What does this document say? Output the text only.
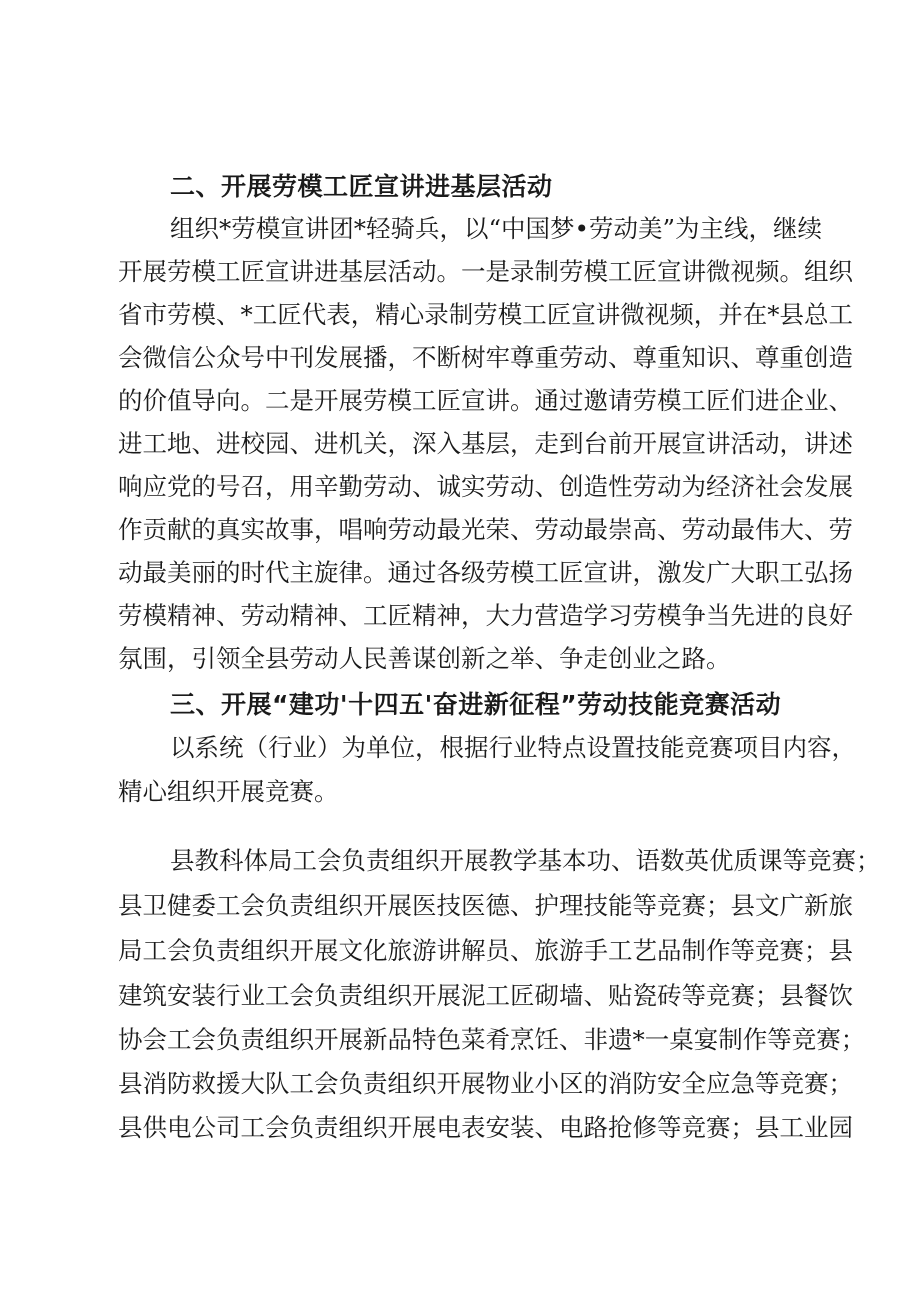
二、开展劳模工匠宣讲进基层活动
组织*劳模宣讲团*轻骑兵，以“中国梦•劳动美”为主线，继续
开展劳模工匠宣讲进基层活动。一是录制劳模工匠宣讲微视频。组织
省市劳模、*工匠代表，精心录制劳模工匠宣讲微视频，并在*县总工
会微信公众号中刊发展播，不断树牢尊重劳动、尊重知识、尊重创造
的价值导向。二是开展劳模工匠宣讲。通过邀请劳模工匠们进企业、
进工地、进校园、进机关，深入基层，走到台前开展宣讲活动，讲述
响应党的号召，用辛勤劳动、诚实劳动、创造性劳动为经济社会发展
作贡献的真实故事，唱响劳动最光荣、劳动最崇高、劳动最伟大、劳
动最美丽的时代主旋律。通过各级劳模工匠宣讲，激发广大职工弘扬
劳模精神、劳动精神、工匠精神，大力营造学习劳模争当先进的良好
氛围，引领全县劳动人民善谋创新之举、争走创业之路。
三、开展“建功'十四五'奋进新征程”劳动技能竞赛活动
以系统（行业）为单位，根据行业特点设置技能竞赛项目内容，
精心组织开展竞赛。
县教科体局工会负责组织开展教学基本功、语数英优质课等竞赛；
县卫健委工会负责组织开展医技医德、护理技能等竞赛；县文广新旅
局工会负责组织开展文化旅游讲解员、旅游手工艺品制作等竞赛；县
建筑安装行业工会负责组织开展泥工匠砌墙、贴瓷砖等竞赛；县餐饮
协会工会负责组织开展新品特色菜肴烹饪、非遗*一桌宴制作等竞赛；
县消防救援大队工会负责组织开展物业小区的消防安全应急等竞赛；
县供电公司工会负责组织开展电表安装、电路抢修等竞赛；县工业园
